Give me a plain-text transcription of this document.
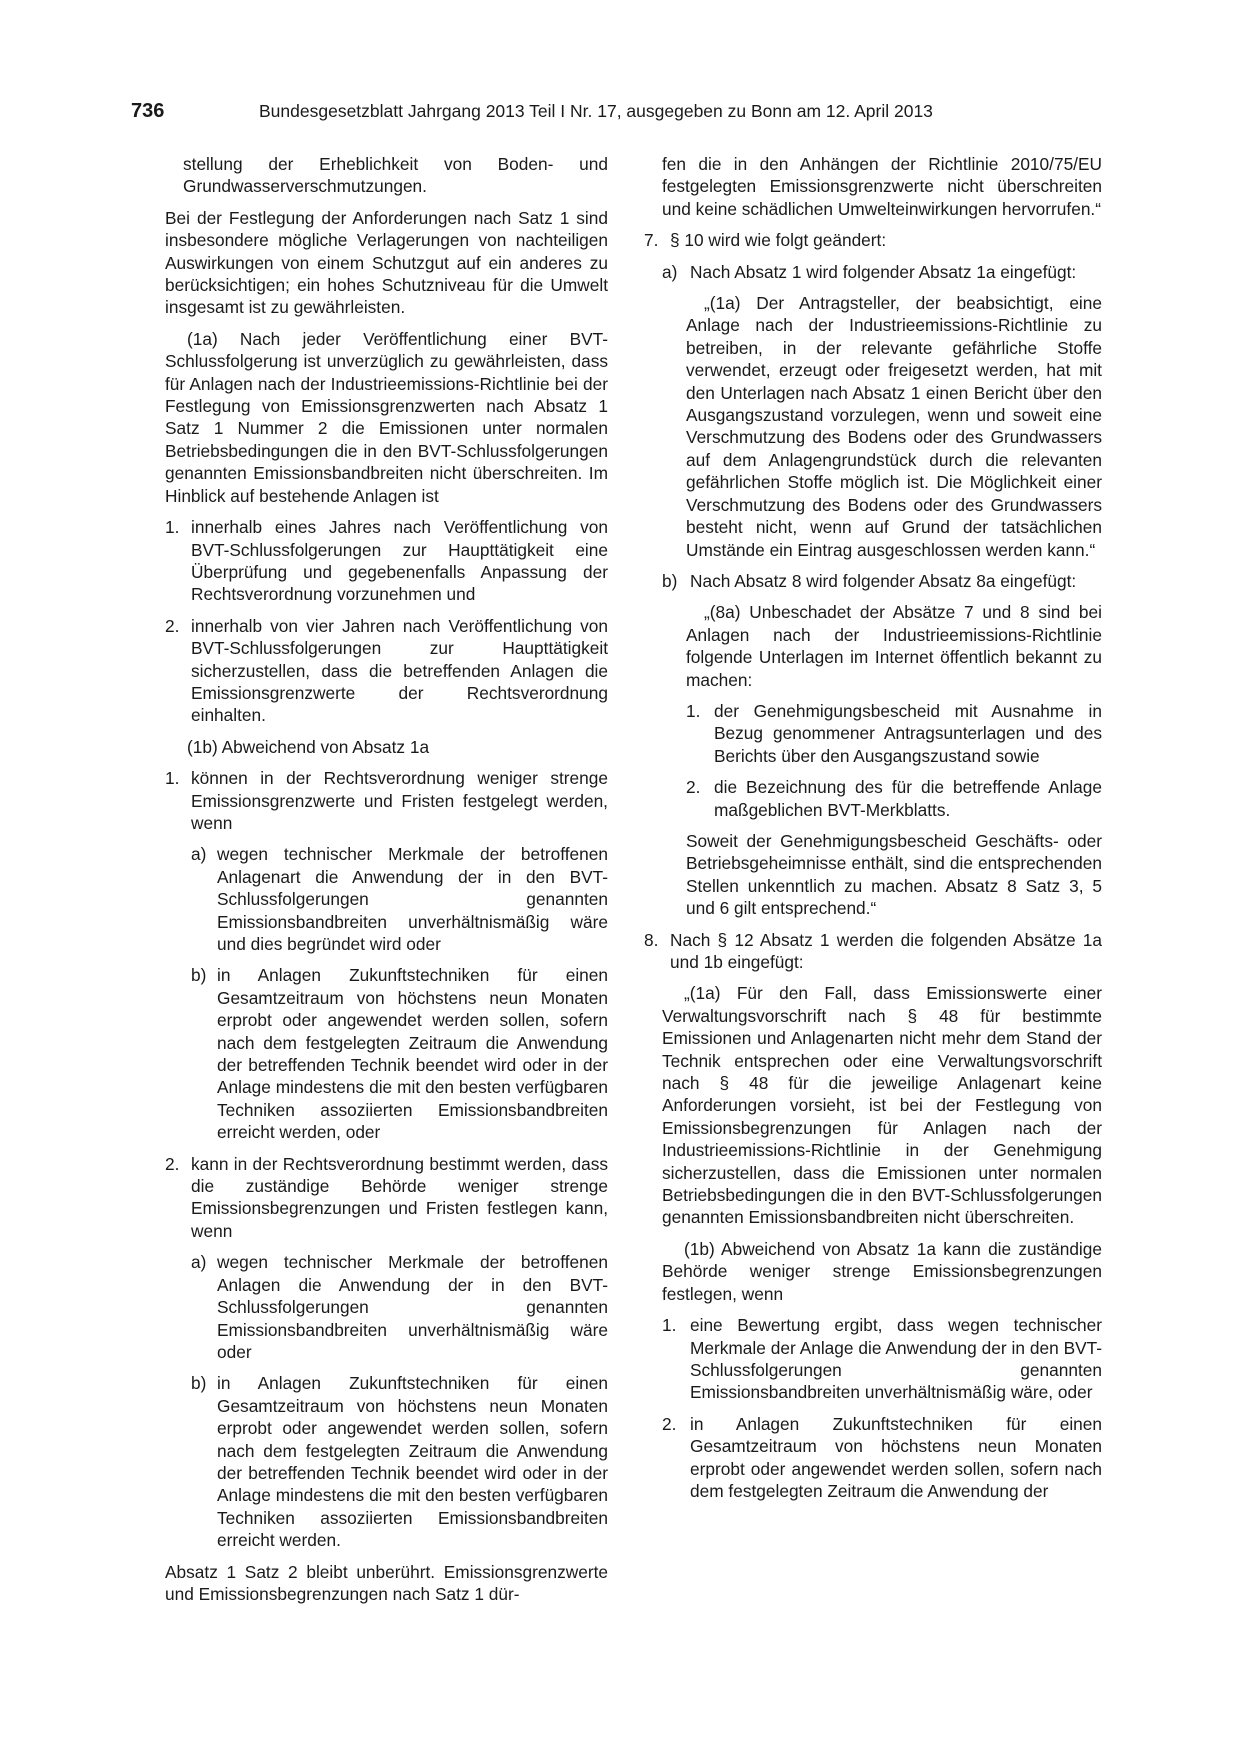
736	Bundesgesetzblatt Jahrgang 2013 Teil I Nr. 17, ausgegeben zu Bonn am 12. April 2013

stellung der Erheblichkeit von Boden- und Grundwasserverschmutzungen.

Bei der Festlegung der Anforderungen nach Satz 1 sind insbesondere mögliche Verlagerungen von nachteiligen Auswirkungen von einem Schutzgut auf ein anderes zu berücksichtigen; ein hohes Schutzniveau für die Umwelt insgesamt ist zu gewährleisten.

(1a) Nach jeder Veröffentlichung einer BVT-Schlussfolgerung ist unverzüglich zu gewährleisten, dass für Anlagen nach der Industrieemissions-Richtlinie bei der Festlegung von Emissionsgrenzwerten nach Absatz 1 Satz 1 Nummer 2 die Emissionen unter normalen Betriebsbedingungen die in den BVT-Schlussfolgerungen genannten Emissionsbandbreiten nicht überschreiten. Im Hinblick auf bestehende Anlagen ist

1. innerhalb eines Jahres nach Veröffentlichung von BVT-Schlussfolgerungen zur Haupttätigkeit eine Überprüfung und gegebenenfalls Anpassung der Rechtsverordnung vorzunehmen und
2. innerhalb von vier Jahren nach Veröffentlichung von BVT-Schlussfolgerungen zur Haupttätigkeit sicherzustellen, dass die betreffenden Anlagen die Emissionsgrenzwerte der Rechtsverordnung einhalten.

(1b) Abweichend von Absatz 1a

1. können in der Rechtsverordnung weniger strenge Emissionsgrenzwerte und Fristen festgelegt werden, wenn
a) wegen technischer Merkmale der betroffenen Anlagenart die Anwendung der in den BVT-Schlussfolgerungen genannten Emissionsbandbreiten unverhältnismäßig wäre und dies begründet wird oder
b) in Anlagen Zukunftstechniken für einen Gesamtzeitraum von höchstens neun Monaten erprobt oder angewendet werden sollen, sofern nach dem festgelegten Zeitraum die Anwendung der betreffenden Technik beendet wird oder in der Anlage mindestens die mit den besten verfügbaren Techniken assoziierten Emissionsbandbreiten erreicht werden, oder
2. kann in der Rechtsverordnung bestimmt werden, dass die zuständige Behörde weniger strenge Emissionsbegrenzungen und Fristen festlegen kann, wenn
a) wegen technischer Merkmale der betroffenen Anlagen die Anwendung der in den BVT-Schlussfolgerungen genannten Emissionsbandbreiten unverhältnismäßig wäre oder
b) in Anlagen Zukunftstechniken für einen Gesamtzeitraum von höchstens neun Monaten erprobt oder angewendet werden sollen, sofern nach dem festgelegten Zeitraum die Anwendung der betreffenden Technik beendet wird oder in der Anlage mindestens die mit den besten verfügbaren Techniken assoziierten Emissionsbandbreiten erreicht werden.

Absatz 1 Satz 2 bleibt unberührt. Emissionsgrenzwerte und Emissionsbegrenzungen nach Satz 1 dür-

fen die in den Anhängen der Richtlinie 2010/75/EU festgelegten Emissionsgrenzwerte nicht überschreiten und keine schädlichen Umwelteinwirkungen hervorrufen.“

7. § 10 wird wie folgt geändert:
a) Nach Absatz 1 wird folgender Absatz 1a eingefügt:

„(1a) Der Antragsteller, der beabsichtigt, eine Anlage nach der Industrieemissions-Richtlinie zu betreiben, in der relevante gefährliche Stoffe verwendet, erzeugt oder freigesetzt werden, hat mit den Unterlagen nach Absatz 1 einen Bericht über den Ausgangszustand vorzulegen, wenn und soweit eine Verschmutzung des Bodens oder des Grundwassers auf dem Anlagengrundstück durch die relevanten gefährlichen Stoffe möglich ist. Die Möglichkeit einer Verschmutzung des Bodens oder des Grundwassers besteht nicht, wenn auf Grund der tatsächlichen Umstände ein Eintrag ausgeschlossen werden kann.“

b) Nach Absatz 8 wird folgender Absatz 8a eingefügt:

„(8a) Unbeschadet der Absätze 7 und 8 sind bei Anlagen nach der Industrieemissions-Richtlinie folgende Unterlagen im Internet öffentlich bekannt zu machen:

1. der Genehmigungsbescheid mit Ausnahme in Bezug genommener Antragsunterlagen und des Berichts über den Ausgangszustand sowie
2. die Bezeichnung des für die betreffende Anlage maßgeblichen BVT-Merkblatts.

Soweit der Genehmigungsbescheid Geschäfts- oder Betriebsgeheimnisse enthält, sind die entsprechenden Stellen unkenntlich zu machen. Absatz 8 Satz 3, 5 und 6 gilt entsprechend.“

8. Nach § 12 Absatz 1 werden die folgenden Absätze 1a und 1b eingefügt:

„(1a) Für den Fall, dass Emissionswerte einer Verwaltungsvorschrift nach § 48 für bestimmte Emissionen und Anlagenarten nicht mehr dem Stand der Technik entsprechen oder eine Verwaltungsvorschrift nach § 48 für die jeweilige Anlagenart keine Anforderungen vorsieht, ist bei der Festlegung von Emissionsbegrenzungen für Anlagen nach der Industrieemissions-Richtlinie in der Genehmigung sicherzustellen, dass die Emissionen unter normalen Betriebsbedingungen die in den BVT-Schlussfolgerungen genannten Emissionsbandbreiten nicht überschreiten.

(1b) Abweichend von Absatz 1a kann die zuständige Behörde weniger strenge Emissionsbegrenzungen festlegen, wenn

1. eine Bewertung ergibt, dass wegen technischer Merkmale der Anlage die Anwendung der in den BVT-Schlussfolgerungen genannten Emissionsbandbreiten unverhältnismäßig wäre, oder
2. in Anlagen Zukunftstechniken für einen Gesamtzeitraum von höchstens neun Monaten erprobt oder angewendet werden sollen, sofern nach dem festgelegten Zeitraum die Anwendung der
